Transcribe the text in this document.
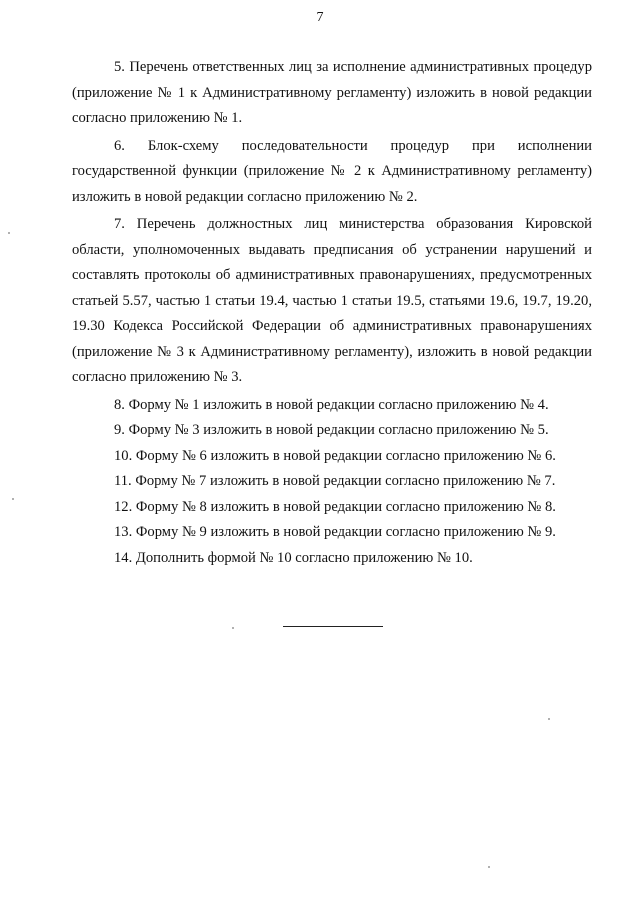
7

5. Перечень ответственных лиц за исполнение административных процедур (приложение № 1 к Административному регламенту) изложить в новой редакции согласно приложению № 1.

6. Блок-схему последовательности процедур при исполнении государственной функции (приложение № 2 к Административному регламенту) изложить в новой редакции согласно приложению № 2.

7. Перечень должностных лиц министерства образования Кировской области, уполномоченных выдавать предписания об устранении нарушений и составлять протоколы об административных правонарушениях, предусмотренных статьей 5.57, частью 1 статьи 19.4, частью 1 статьи 19.5, статьями 19.6, 19.7, 19.20, 19.30 Кодекса Российской Федерации об административных правонарушениях (приложение № 3 к Административному регламенту), изложить в новой редакции согласно приложению № 3.

8. Форму № 1 изложить в новой редакции согласно приложению № 4.

9. Форму № 3 изложить в новой редакции согласно приложению № 5.

10. Форму № 6 изложить в новой редакции согласно приложению № 6.

11. Форму № 7 изложить в новой редакции согласно приложению № 7.

12. Форму № 8 изложить в новой редакции согласно приложению № 8.

13. Форму № 9 изложить в новой редакции согласно приложению № 9.

14. Дополнить формой № 10 согласно приложению № 10.
